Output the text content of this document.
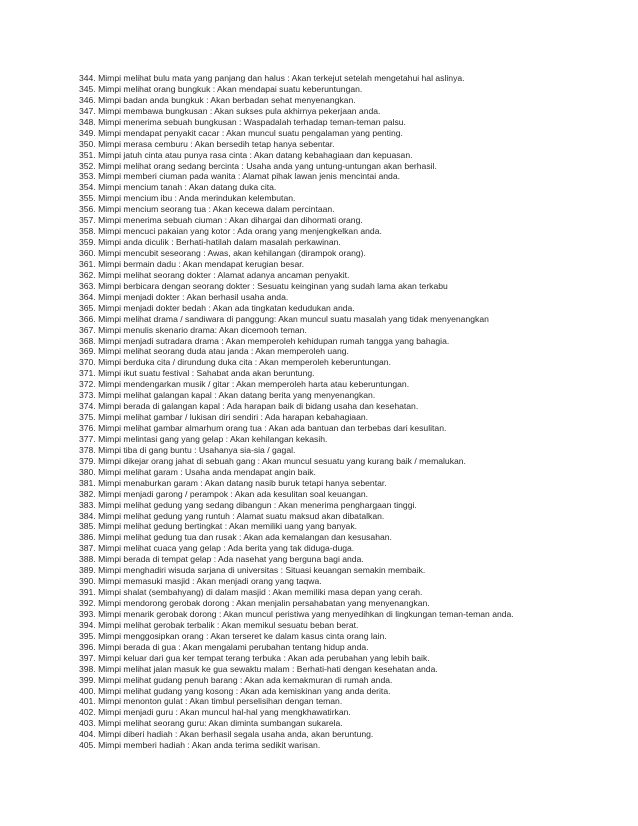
344. Mimpi melihat bulu mata yang panjang dan halus : Akan terkejut setelah mengetahui hal aslinya.
345. Mimpi melihat orang bungkuk : Akan mendapai suatu keberuntungan.
346. Mimpi badan anda bungkuk : Akan berbadan sehat menyenangkan.
347. Mimpi membawa bungkusan : Akan sukses pula akhirnya pekerjaan anda.
348. Mimpi menerima sebuah bungkusan : Waspadalah terhadap teman-teman palsu.
349. Mimpi mendapat penyakit cacar : Akan muncul suatu pengalaman yang penting.
350. Mimpi merasa cemburu : Akan bersedih tetap hanya sebentar.
351. Mimpi jatuh cinta atau punya rasa cinta : Akan datang kebahagiaan dan kepuasan.
352. Mimpi melihat orang sedang bercinta : Usaha anda yang untung-untungan akan berhasil.
353. Mimpi memberi ciuman pada wanita : Alamat pihak lawan jenis mencintai anda.
354. Mimpi mencium tanah : Akan datang duka cita.
355. Mimpi mencium ibu : Anda merindukan kelembutan.
356. Mimpi mencium seorang tua : Akan kecewa dalam percintaan.
357. Mimpi menerima sebuah ciuman : Akan dihargai dan dihormati orang.
358. Mimpi mencuci pakaian yang kotor : Ada orang yang menjengkelkan anda.
359. Mimpi anda diculik : Berhati-hatilah dalam masalah perkawinan.
360. Mimpi mencubit seseorang : Awas, akan kehilangan (dirampok orang).
361. Mimpi bermain dadu : Akan mendapat kerugian besar.
362. Mimpi melihat seorang dokter : Alamat adanya ancaman penyakit.
363. Mimpi berbicara dengan seorang dokter : Sesuatu keinginan yang sudah lama akan terkabu
364. Mimpi menjadi dokter : Akan berhasil usaha anda.
365. Mimpi menjadi dokter bedah : Akan ada tingkatan kedudukan anda.
366. Mimpi melihat drama / sandiwara di panggung: Akan muncul suatu masalah yang tidak menyenangkan
367. Mimpi menulis skenario drama: Akan dicemooh teman.
368. Mimpi menjadi sutradara drama : Akan memperoleh kehidupan rumah tangga yang bahagia.
369. Mimpi melihat seorang duda atau janda : Akan memperoleh uang.
370. Mimpi berduka cita / dirundung duka cita : Akan memperoleh keberuntungan.
371. Mimpi ikut suatu festival : Sahabat anda akan beruntung.
372. Mimpi mendengarkan musik / gitar : Akan memperoleh harta atau keberuntungan.
373. Mimpi melihat galangan kapal : Akan datang berita yang menyenangkan.
374. Mimpi berada di galangan kapal : Ada harapan baik di bidang usaha dan kesehatan.
375. Mimpi melihat gambar / lukisan diri sendiri : Ada harapan kebahagiaan.
376. Mimpi melihat gambar almarhum orang tua : Akan ada bantuan dan terbebas dari kesulitan.
377. Mimpi melintasi gang yang gelap : Akan kehilangan kekasih.
378. Mimpi tiba di gang buntu : Usahanya sia-sia / gagal.
379. Mimpi dikejar orang jahat di sebuah gang : Akan muncul sesuatu yang kurang baik / memalukan.
380. Mimpi melihat garam : Usaha anda mendapat angin baik.
381. Mimpi menaburkan garam : Akan datang nasib buruk tetapi hanya sebentar.
382. Mimpi menjadi garong / perampok : Akan ada kesulitan soal keuangan.
383. Mimpi melihat gedung yang sedang dibangun : Akan menerima penghargaan tinggi.
384. Mimpi melihat gedung yang runtuh : Alamat suatu maksud akan dibatalkan.
385. Mimpi melihat gedung bertingkat : Akan memiliki uang yang banyak.
386. Mimpi melihat gedung tua dan rusak : Akan ada kemalangan dan kesusahan.
387. Mimpi melihat cuaca yang gelap : Ada berita yang tak diduga-duga.
388. Mimpi berada di tempat gelap : Ada nasehat yang berguna bagi anda.
389. Mimpi menghadiri wisuda sarjana di universitas : Situasi keuangan semakin membaik.
390. Mimpi memasuki masjid : Akan menjadi orang yang taqwa.
391. Mimpi shalat (sembahyang) di dalam masjid : Akan memiliki masa depan yang cerah.
392. Mimpi mendorong gerobak dorong : Akan menjalin persahabatan yang menyenangkan.
393. Mimpi menarik gerobak dorong : Akan muncul peristiwa yang menyedihkan di lingkungan teman-teman anda.
394. Mimpi melihat gerobak terbalik : Akan memikul sesuatu beban berat.
395. Mimpi menggosipkan orang : Akan terseret ke dalam kasus cinta orang lain.
396. Mimpi berada di gua : Akan mengalami perubahan tentang hidup anda.
397. Mimpi keluar dari gua ker tempat terang terbuka : Akan ada perubahan yang lebih baik.
398. Mimpi melihat jalan masuk ke gua sewaktu malam : Berhati-hati dengan kesehatan anda.
399. Mimpi melihat gudang penuh barang : Akan ada kemakmuran di rumah anda.
400. Mimpi melihat gudang yang kosong : Akan ada kemiskinan yang anda derita.
401. Mimpi menonton gulat : Akan timbul perselisihan dengan teman.
402. Mimpi menjadi guru : Akan muncul hal-hal yang mengkhawatirkan.
403. Mimpi melihat seorang guru: Akan diminta sumbangan sukarela.
404. Mimpi diberi hadiah : Akan berhasil segala usaha anda, akan beruntung.
405. Mimpi memberi hadiah : Akan anda terima sedikit warisan.
